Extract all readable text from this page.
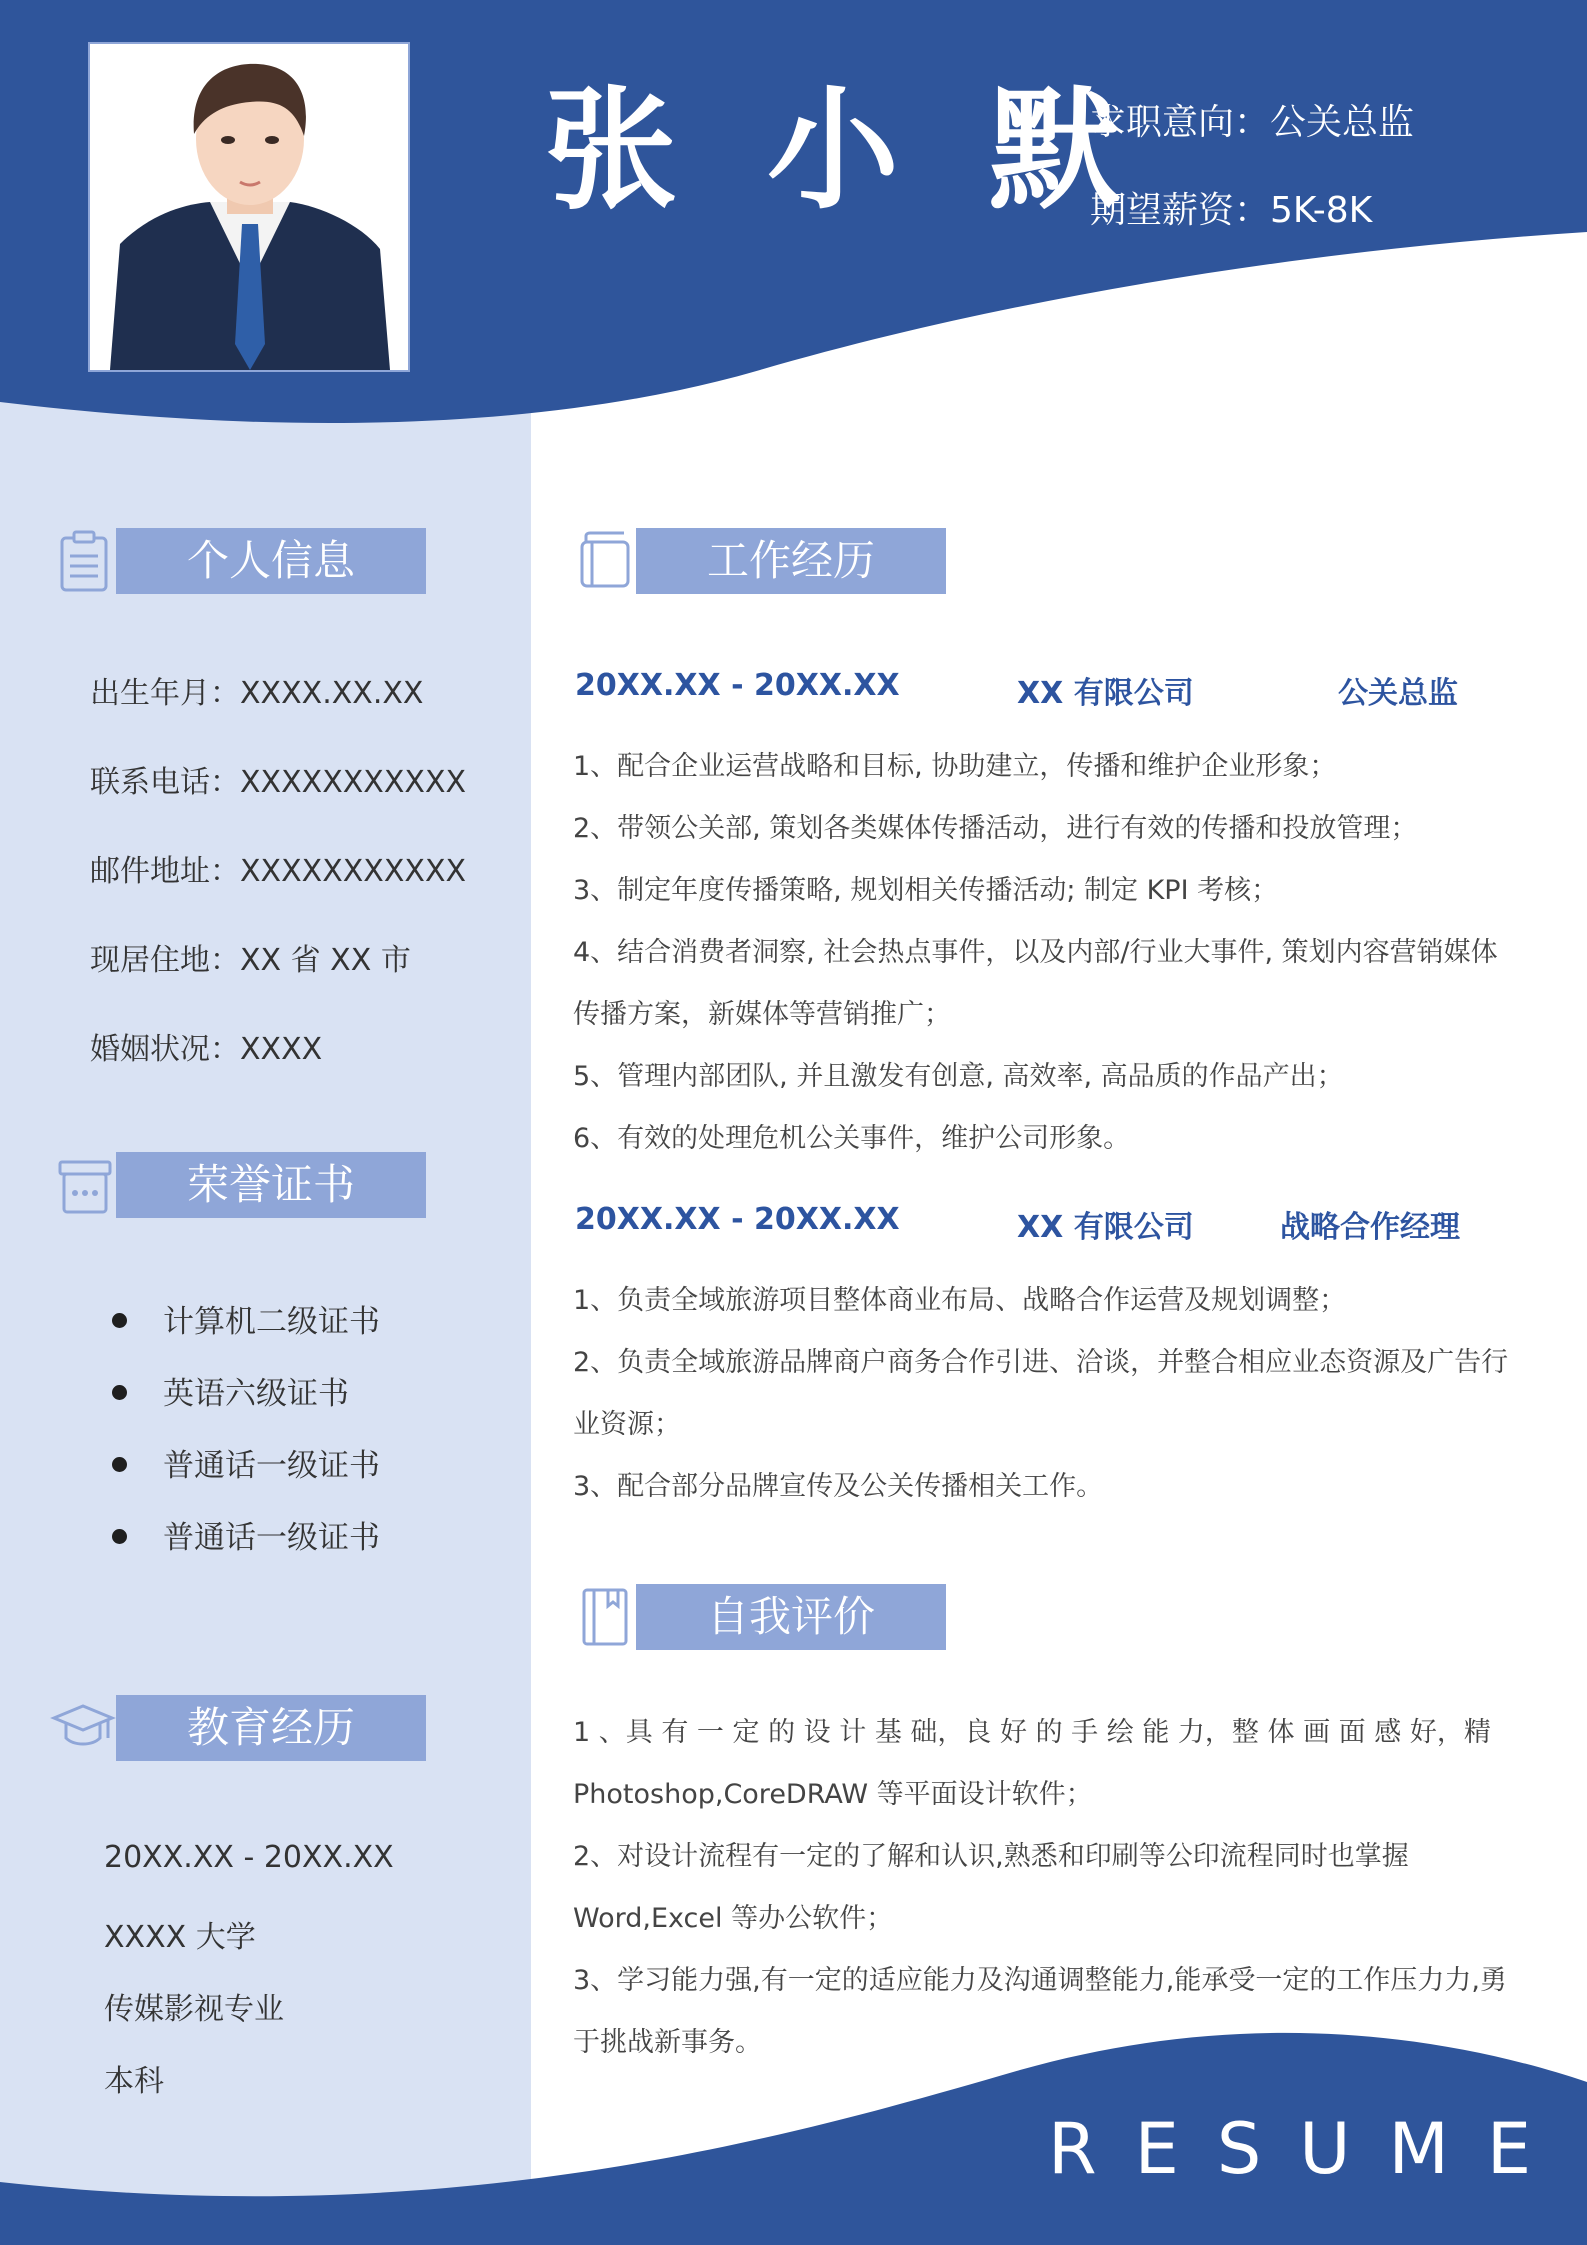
张 小 默
求职意向：公关总监
期望薪资：5K-8K
个人信息
出生年月：XXXX.XX.XX
联系电话：XXXXXXXXXXX
邮件地址：XXXXXXXXXXX
现居住地：XX 省 XX 市
婚姻状况：XXXX
荣誉证书
计算机二级证书
英语六级证书
普通话一级证书
普通话一级证书
教育经历
20XX.XX - 20XX.XX
XXXX 大学
传媒影视专业
本科
工作经历
20XX.XX - 20XX.XX	XX 有限公司	公关总监
1、配合企业运营战略和目标, 协助建立，传播和维护企业形象；
2、带领公关部, 策划各类媒体传播活动，进行有效的传播和投放管理；
3、制定年度传播策略, 规划相关传播活动; 制定 KPI 考核；
4、结合消费者洞察, 社会热点事件，以及内部/行业大事件, 策划内容营销媒体传播方案，新媒体等营销推广；
5、管理内部团队, 并且激发有创意, 高效率, 高品质的作品产出；
6、有效的处理危机公关事件，维护公司形象。
20XX.XX - 20XX.XX	XX 有限公司	战略合作经理
1、负责全域旅游项目整体商业布局、战略合作运营及规划调整；
2、负责全域旅游品牌商户商务合作引进、洽谈，并整合相应业态资源及广告行业资源；
3、配合部分品牌宣传及公关传播相关工作。
自我评价
1 、具 有 一 定 的 设 计 基 础，良 好 的 手 绘 能 力，整 体 画 面 感 好，精 Photoshop,CoreDRAW 等平面设计软件；
2、对设计流程有一定的了解和认识,熟悉和印刷等公印流程同时也掌握 Word,Excel 等办公软件；
3、学习能力强,有一定的适应能力及沟通调整能力,能承受一定的工作压力力,勇于挑战新事务。
RESUME
